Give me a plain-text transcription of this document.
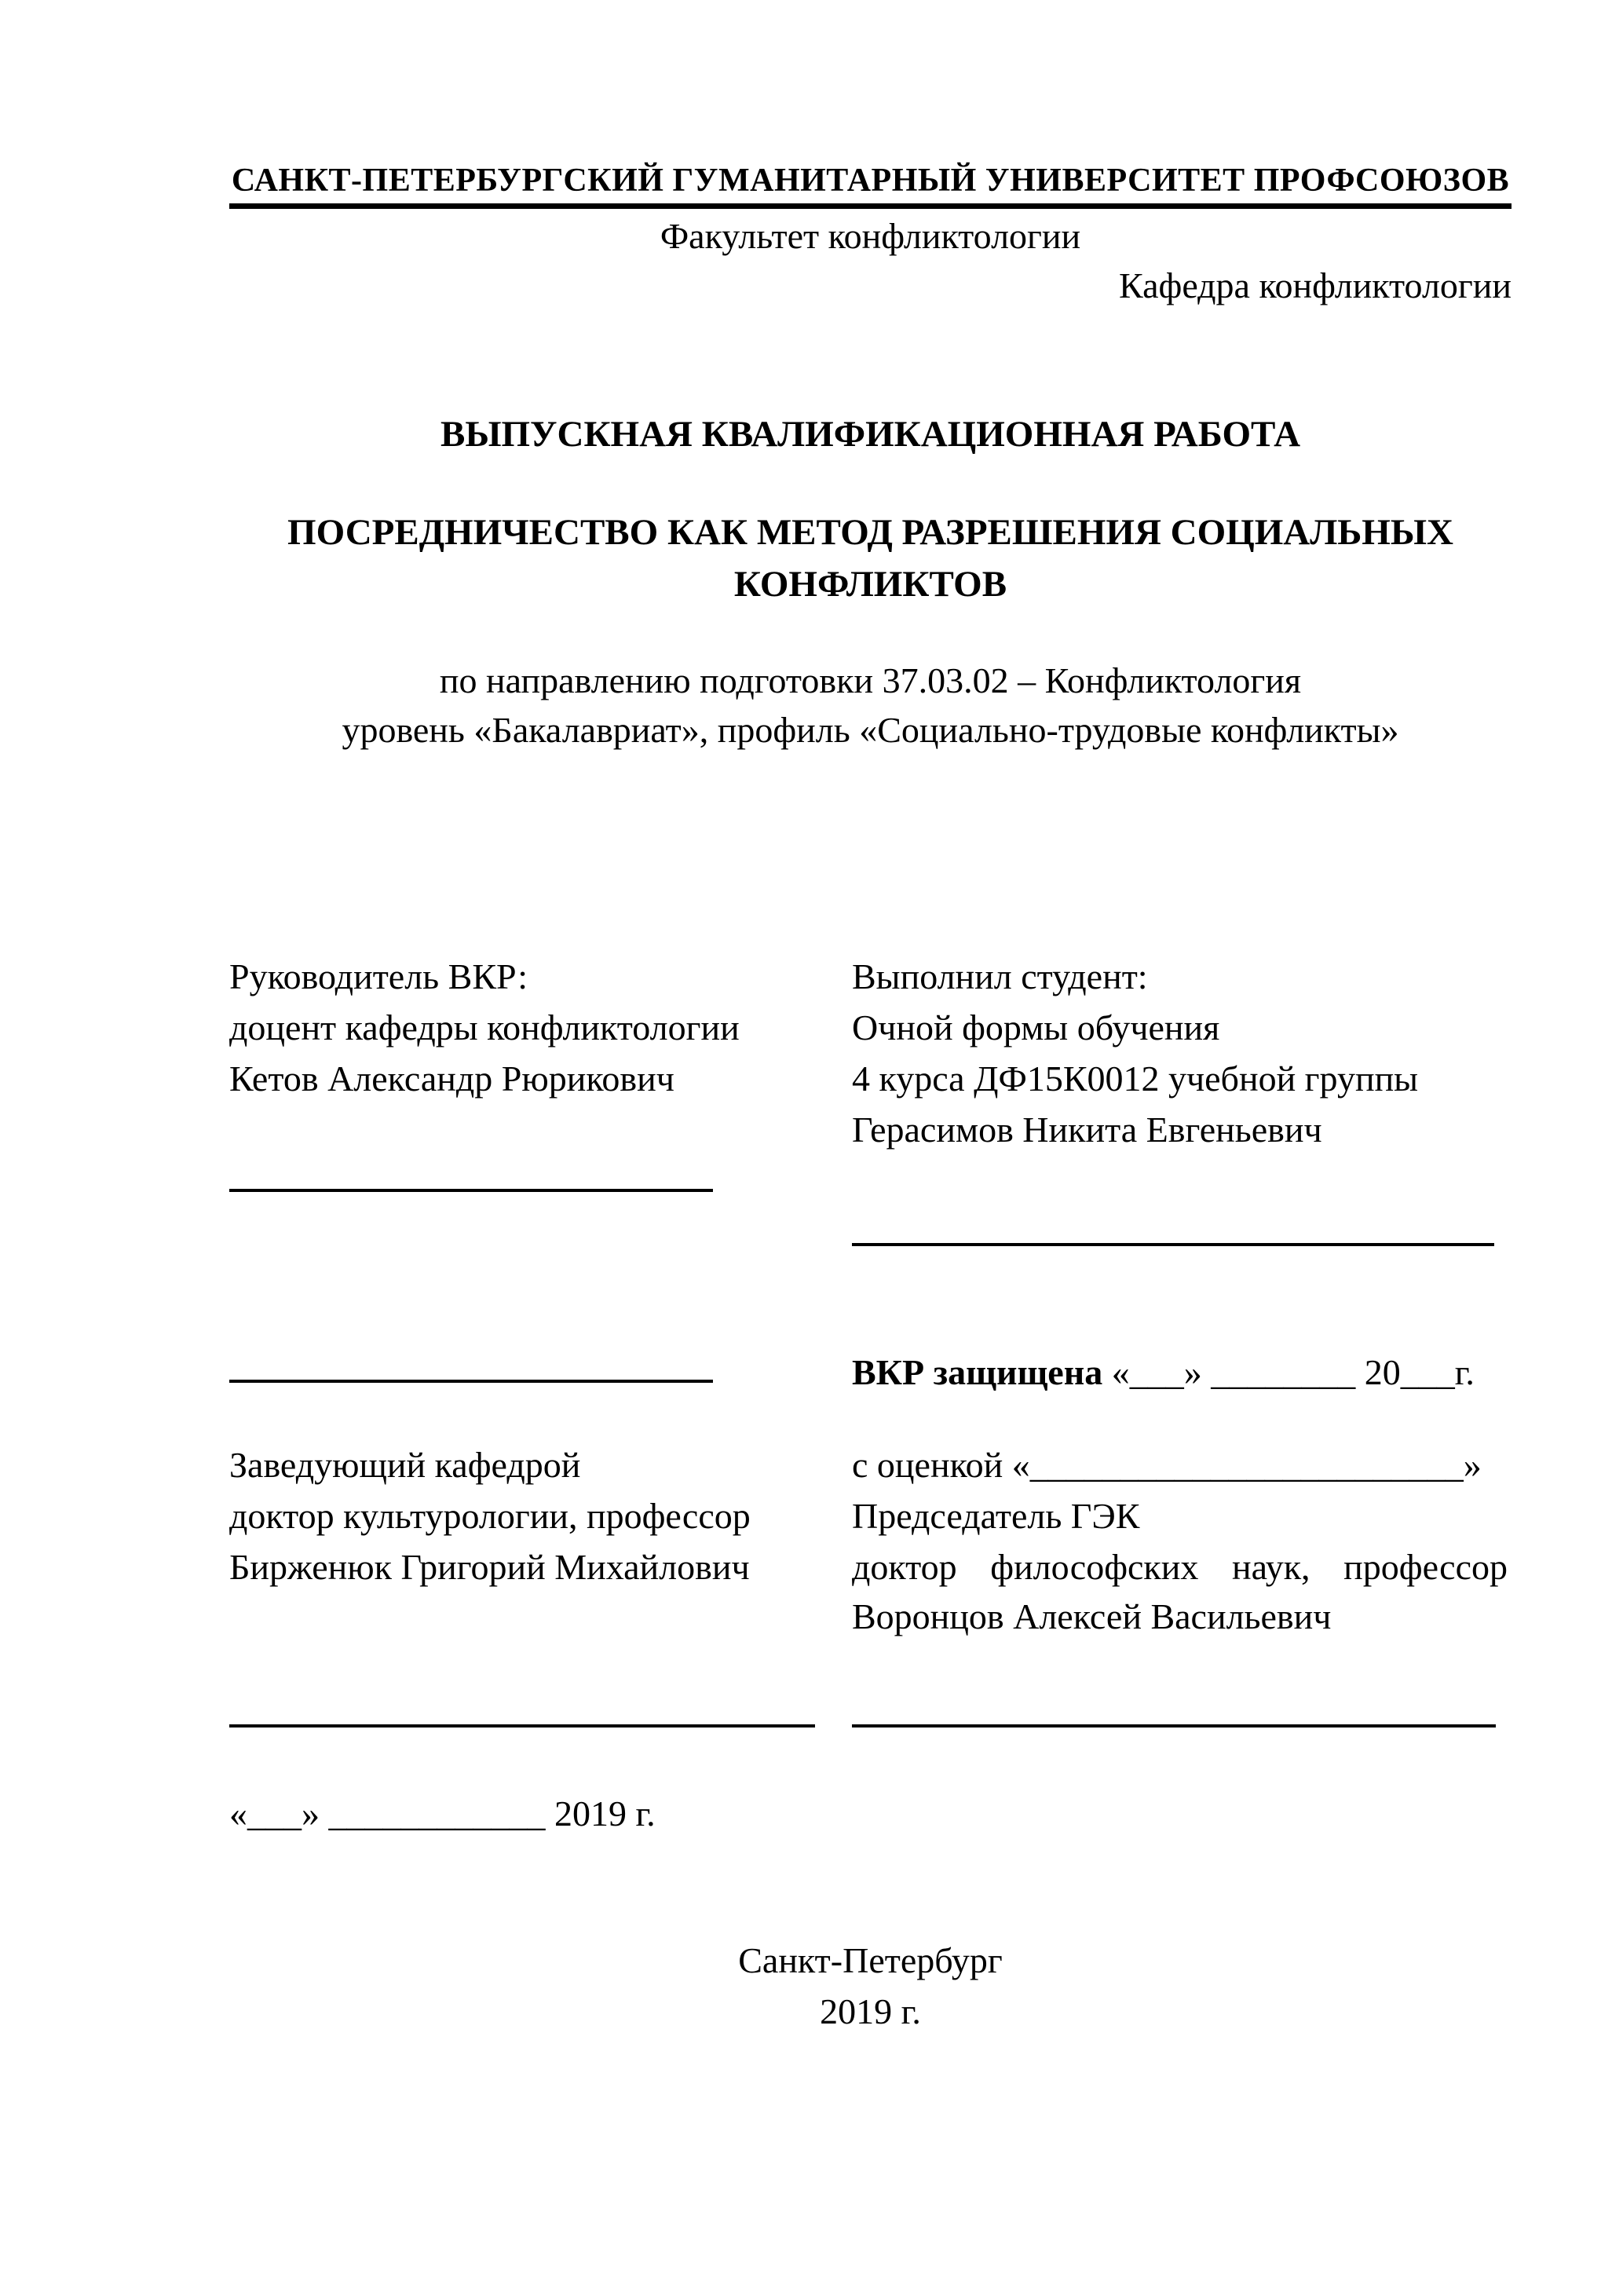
САНКТ-ПЕТЕРБУРГСКИЙ ГУМАНИТАРНЫЙ УНИВЕРСИТЕТ ПРОФСОЮЗОВ
Факультет конфликтологии
Кафедра конфликтологии
ВЫПУСКНАЯ КВАЛИФИКАЦИОННАЯ РАБОТА
ПОСРЕДНИЧЕСТВО КАК МЕТОД РАЗРЕШЕНИЯ СОЦИАЛЬНЫХ
КОНФЛИКТОВ
по направлению подготовки 37.03.02 – Конфликтология
уровень «Бакалавриат», профиль «Социально-трудовые конфликты»
Руководитель ВКР:	Выполнил студент:
доцент кафедры конфликтологии	Очной формы обучения
Кетов Александр Рюрикович	4 курса ДФ15К0012 учебной группы
Герасимов Никита Евгеньевич
ВКР защищена «___» ________ 20___г.
Заведующий кафедрой	с оценкой «________________________»
доктор культурологии, профессор	Председатель ГЭК
Бирженюк Григорий Михайлович	доктор философских наук, профессор
Воронцов Алексей Васильевич
«___» ____________ 2019 г.
Санкт-Петербург
2019 г.
